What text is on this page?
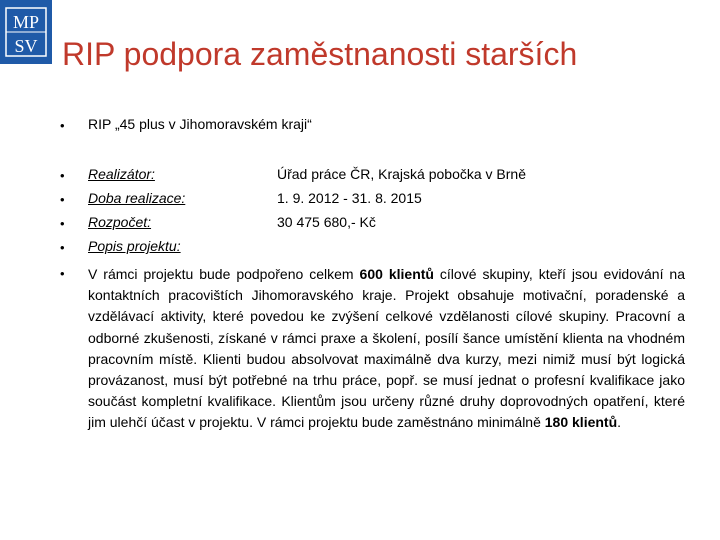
MP
SV RIP podpora zaměstnanosti starších
• RIP „45 plus v Jihomoravském kraji“
• Realizátor:	Úřad práce ČR, Krajská pobočka v Brně
• Doba realizace:	1. 9. 2012 - 31. 8. 2015
• Rozpočet:	30 475 680,- Kč
• Popis projektu:
• V rámci projektu bude podpořeno celkem 600 klientů cílové skupiny, kteří jsou evidování na kontaktních pracovištích Jihomoravského kraje. Projekt obsahuje motivační, poradenské a vzdělávací aktivity, které povedou ke zvýšení celkové vzdělanosti cílové skupiny. Pracovní a odborné zkušenosti, získané v rámci praxe a školení, posílí šance umístění klienta na vhodném pracovním místě. Klienti budou absolvovat maximálně dva kurzy, mezi nimiž musí být logická provázanost, musí být potřebné na trhu práce, popř. se musí jednat o profesní kvalifikace jako součást kompletní kvalifikace. Klientům jsou určeny různé druhy doprovodných opatření, které jim ulehčí účast v projektu. V rámci projektu bude zaměstnáno minimálně 180 klientů.
